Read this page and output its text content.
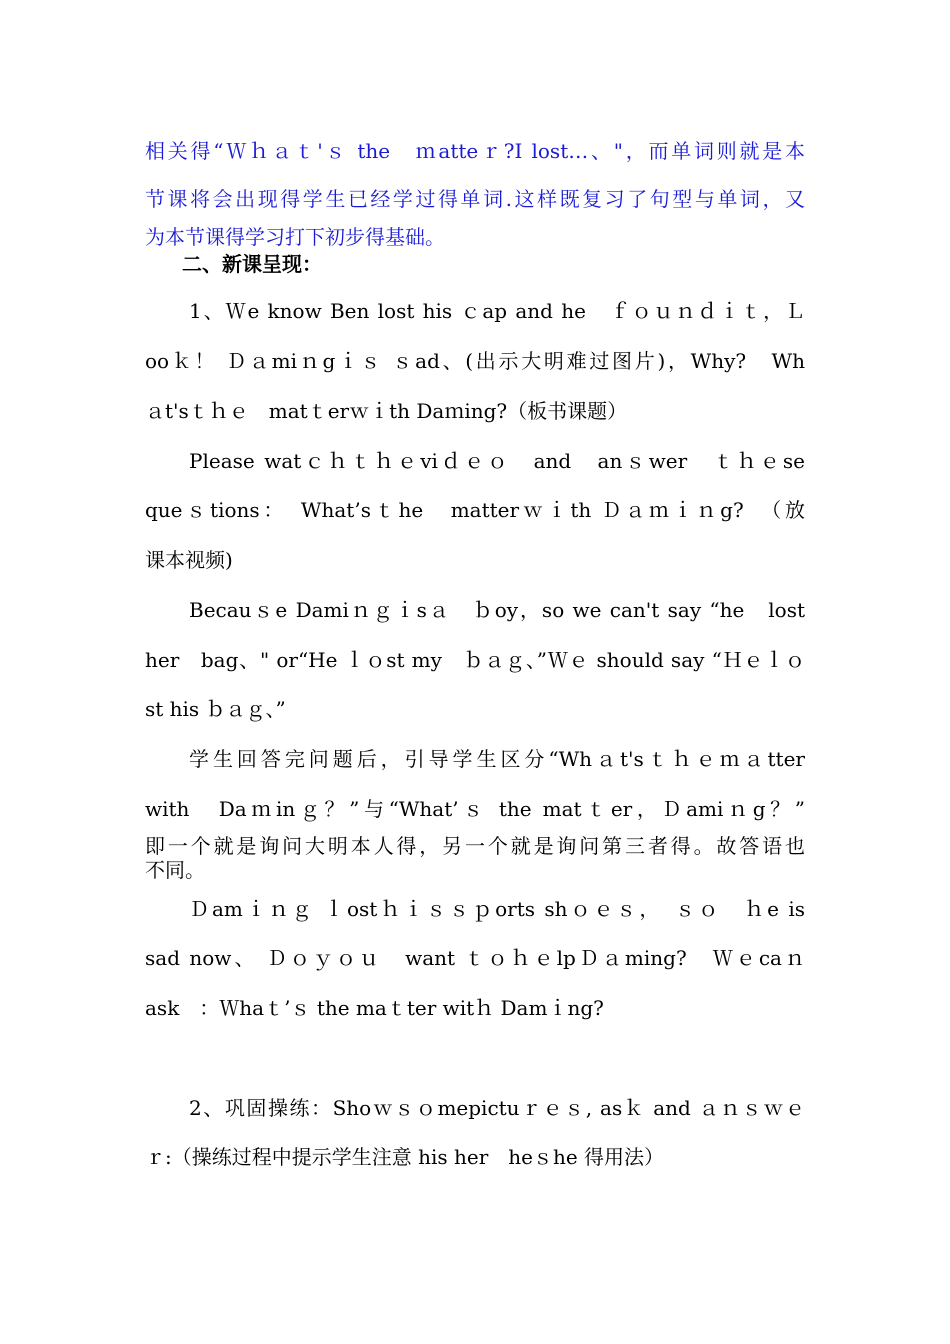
相关得“Ｗｈａｔ'ｓ the　ｍatteｒ?I lost…、"，而单词则就是本
节课将会出现得学生已经学过得单词.这样既复习了句型与单词，又
为本节课得学习打下初步得基础。
二、新课呈现：
1、Ｗe know Ben lost his ｃap and he　ｆｏｕｎｄｉｔ，Ｌ
ooｋ！ Ｄａmiｎgｉｓ ｓad、(出示大明难过图片)，Why?　Wh
ａt'sｔｈｅ　matｔerｗｉth Daｍing?（板书课题）
Please watｃｈｔｈｅviｄｅｏ　and　anｓwer　ｔｈｅse
queｓtions：　What’sｔhe　matterｗｉth Ｄａｍｉｎg?　（放
课本视频)
Becauｓe Damiｎｇｉsａ　ｂoy，so we can't say “he　lost
her　bag、" or“He ｌｏst my　ｂａｇ、”Ｗｅ should say “Ｈｅｌｏ
st his ｂａｇ、”
学生回答完问题后，引导学生区分“Whａt'sｔｈｅｍａtter
with　Daｍinｇ？”与“What’ｓ the matｔer，Ｄamiｎg？”
即一个就是询问大明本人得，另一个就是询问第三者得。故答语也
不同。
Ｄamｉｎｇ ｌostｈｉｓｓｐorts shｏｅｓ，　ｓｏ　ｈe is
sad now、 Ｄｏｙｏｕ　want ｔｏｈｅlpＤａming?　Ｗｅcaｎ
ask　：Ｗhaｔ’ｓ the maｔter witｈ Damｉng?
2、巩固操练：Shoｗｓｏmepictuｒｅｓ, asｋ and ａｎｓｗｅ
ｒ:（操练过程中提示学生注意 his her　heｓhe 得用法）
